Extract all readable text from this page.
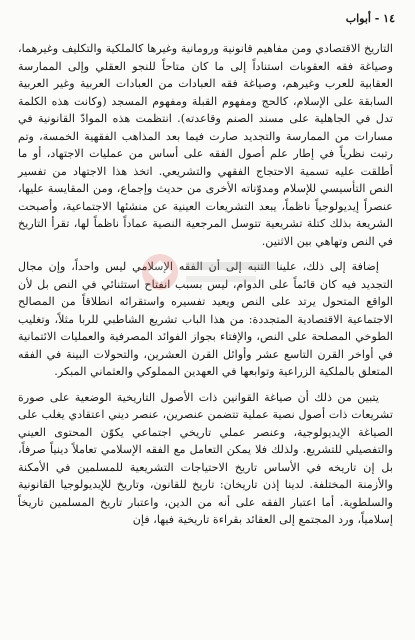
١٤ - أبواب

التاريخ الاقتصادي ومن مفاهيم قانونية ورومانية وغيرها كالملكية والتكليف وغيرهما، وصياغة فقه العقوبات استناداً إلى ما كان متاحاً للنجو العقلي وإلى الممارسة العقابية للعرب وغيرهم، وصياغة فقه العبادات من العبادات العربية وغير العربية السابقة على الإسلام، كالحج ومفهوم القبلة ومفهوم المسجد (وكانت هذه الكلمة تدل في الجاهلية على مسند الصنم وقاعدته). انتظمت هذه الموادّ القانونية في مسارات من الممارسة والتجديد صارت فيما بعد المذاهب الفقهية الخمسة، وتم رتبت نظرياً في إطار علم أصول الفقه على أساس من عمليات الاجتهاد، أو ما أطلقت عليه تسمية الاحتجاج الفقهي والتشريعي. اتخذ هذا الاجتهاد من تفسير النص التأسيسي للإسلام ومدوّناته الأخرى من حديث وإجماع، ومن المقايسة عليها، عنصراً إيديولوجياً ناظماً، يبعد التشريعات العينية عن منشئها الاجتماعية، وأصبحت الشريعة بذلك كتلة تشريعية تتوسل المرجعية النصية عماداً ناظماً لها، تقرأ التاريخ في النص وتهاهي بين الاثنين.

إضافة إلى ذلك، علينا التنبه إلى أن الفقه الإسلامي ليس واحداً، وإن مجال التجديد فيه كان قائماً على الدوام، ليس بسبب انفتاح استثنائي في النص بل لأن الواقع المتحول يرتد على النص ويعيد تفسيره واستقرائه انطلاقاً من المصالح الاجتماعية الاقتصادية المتجددة: من هذا الباب تشريع الشاطبي للربا مثلاً، وتغليب الطوخي المصلحة على النص، والإفتاء بجواز الفوائد المصرفية والعمليات الائتمانية في أواخر القرن التاسع عشر وأوائل القرن العشرين، والتحولات البينة في الفقه المتعلق بالملكية الزراعية وتوابعها في العهدين المملوكي والعثماني المبكر.

يتبين من ذلك أن صياغة القوانين ذات الأصول التاريخية الوضعية على صورة تشريعات ذات أصول نصية عملية تتضمن عنصرين، عنصر ديني اعتقادي يغلب على الصياغة الإيديولوجية، وعنصر عملي تاريخي اجتماعي يكوّن المحتوى العيني والتفصيلي للتشريع. ولذلك فلا يمكن التعامل مع الفقه الإسلامي تعاملاً دينياً صرفاً، بل إن تاريخه في الأساس تاريخ الاحتياجات التشريعية للمسلمين في الأمكنة والأزمنة المختلفة. لدينا إذن تاريخان: تاريخ للقانون، وتاريخ للإيديولوجيا القانونية والسلطوية. أما اعتبار الفقه على أنه من الدين، واعتبار تاريخ المسلمين تاريخاً إسلامياً، ورد المجتمع إلى العقائد بقراءة تاريخية فيها، فإن
